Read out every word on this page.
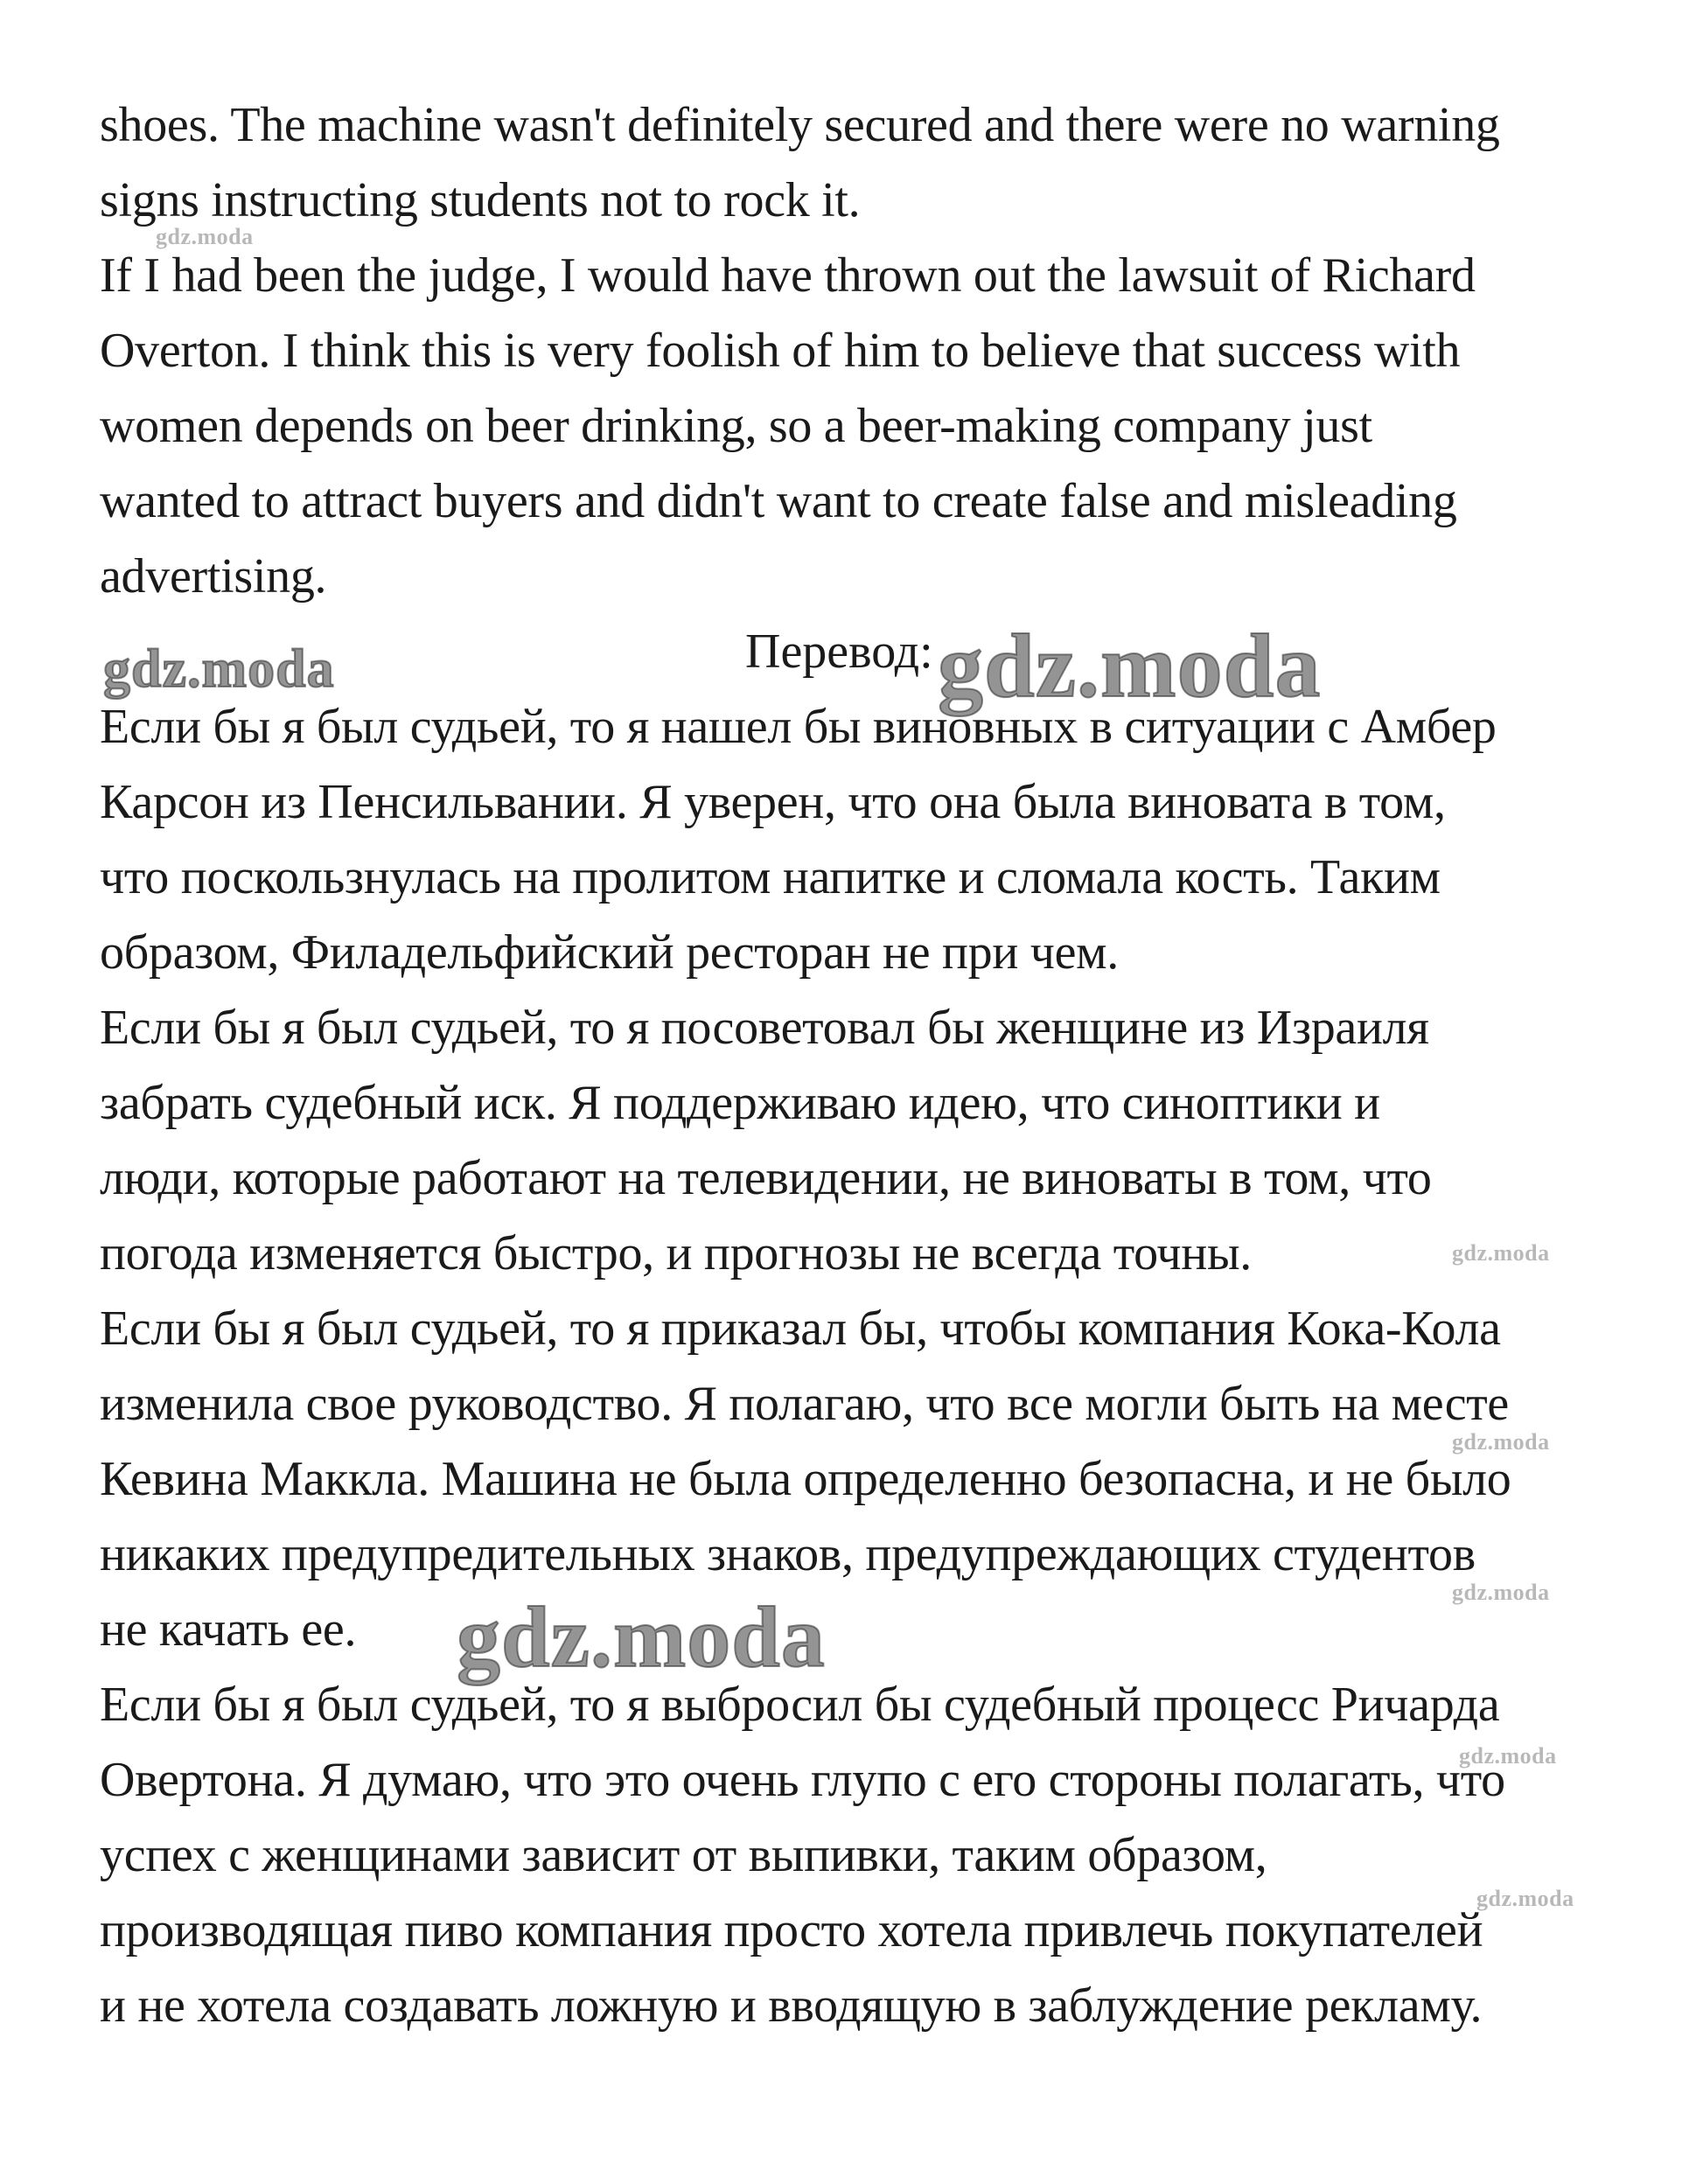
shoes. The machine wasn't definitely secured and there were no warning
signs instructing students not to rock it.
If I had been the judge, I would have thrown out the lawsuit of Richard
Overton. I think this is very foolish of him to believe that success with
women depends on beer drinking, so a beer-making company just
wanted to attract buyers and didn't want to create false and misleading
advertising.
Перевод:
Если бы я был судьей, то я нашел бы виновных в ситуации с Амбер
Карсон из Пенсильвании. Я уверен, что она была виновата в том,
что поскользнулась на пролитом напитке и сломала кость. Таким
образом, Филадельфийский ресторан не при чем.
Если бы я был судьей, то я посоветовал бы женщине из Израиля
забрать судебный иск. Я поддерживаю идею, что синоптики и
люди, которые работают на телевидении, не виноваты в том, что
погода изменяется быстро, и прогнозы не всегда точны.
Если бы я был судьей, то я приказал бы, чтобы компания Кока-Кола
изменила свое руководство. Я полагаю, что все могли быть на месте
Кевина Маккла. Машина не была определенно безопасна, и не было
никаких предупредительных знаков, предупреждающих студентов
не качать ее.
Если бы я был судьей, то я выбросил бы судебный процесс Ричарда
Овертона. Я думаю, что это очень глупо с его стороны полагать, что
успех с женщинами зависит от выпивки, таким образом,
производящая пиво компания просто хотела привлечь покупателей
и не хотела создавать ложную и вводящую в заблуждение рекламу.
gdz.moda
gdz.moda	gdz.moda
gdz.moda
gdz.moda
gdz.moda
gdz.moda
gdz.moda
gdz.moda
